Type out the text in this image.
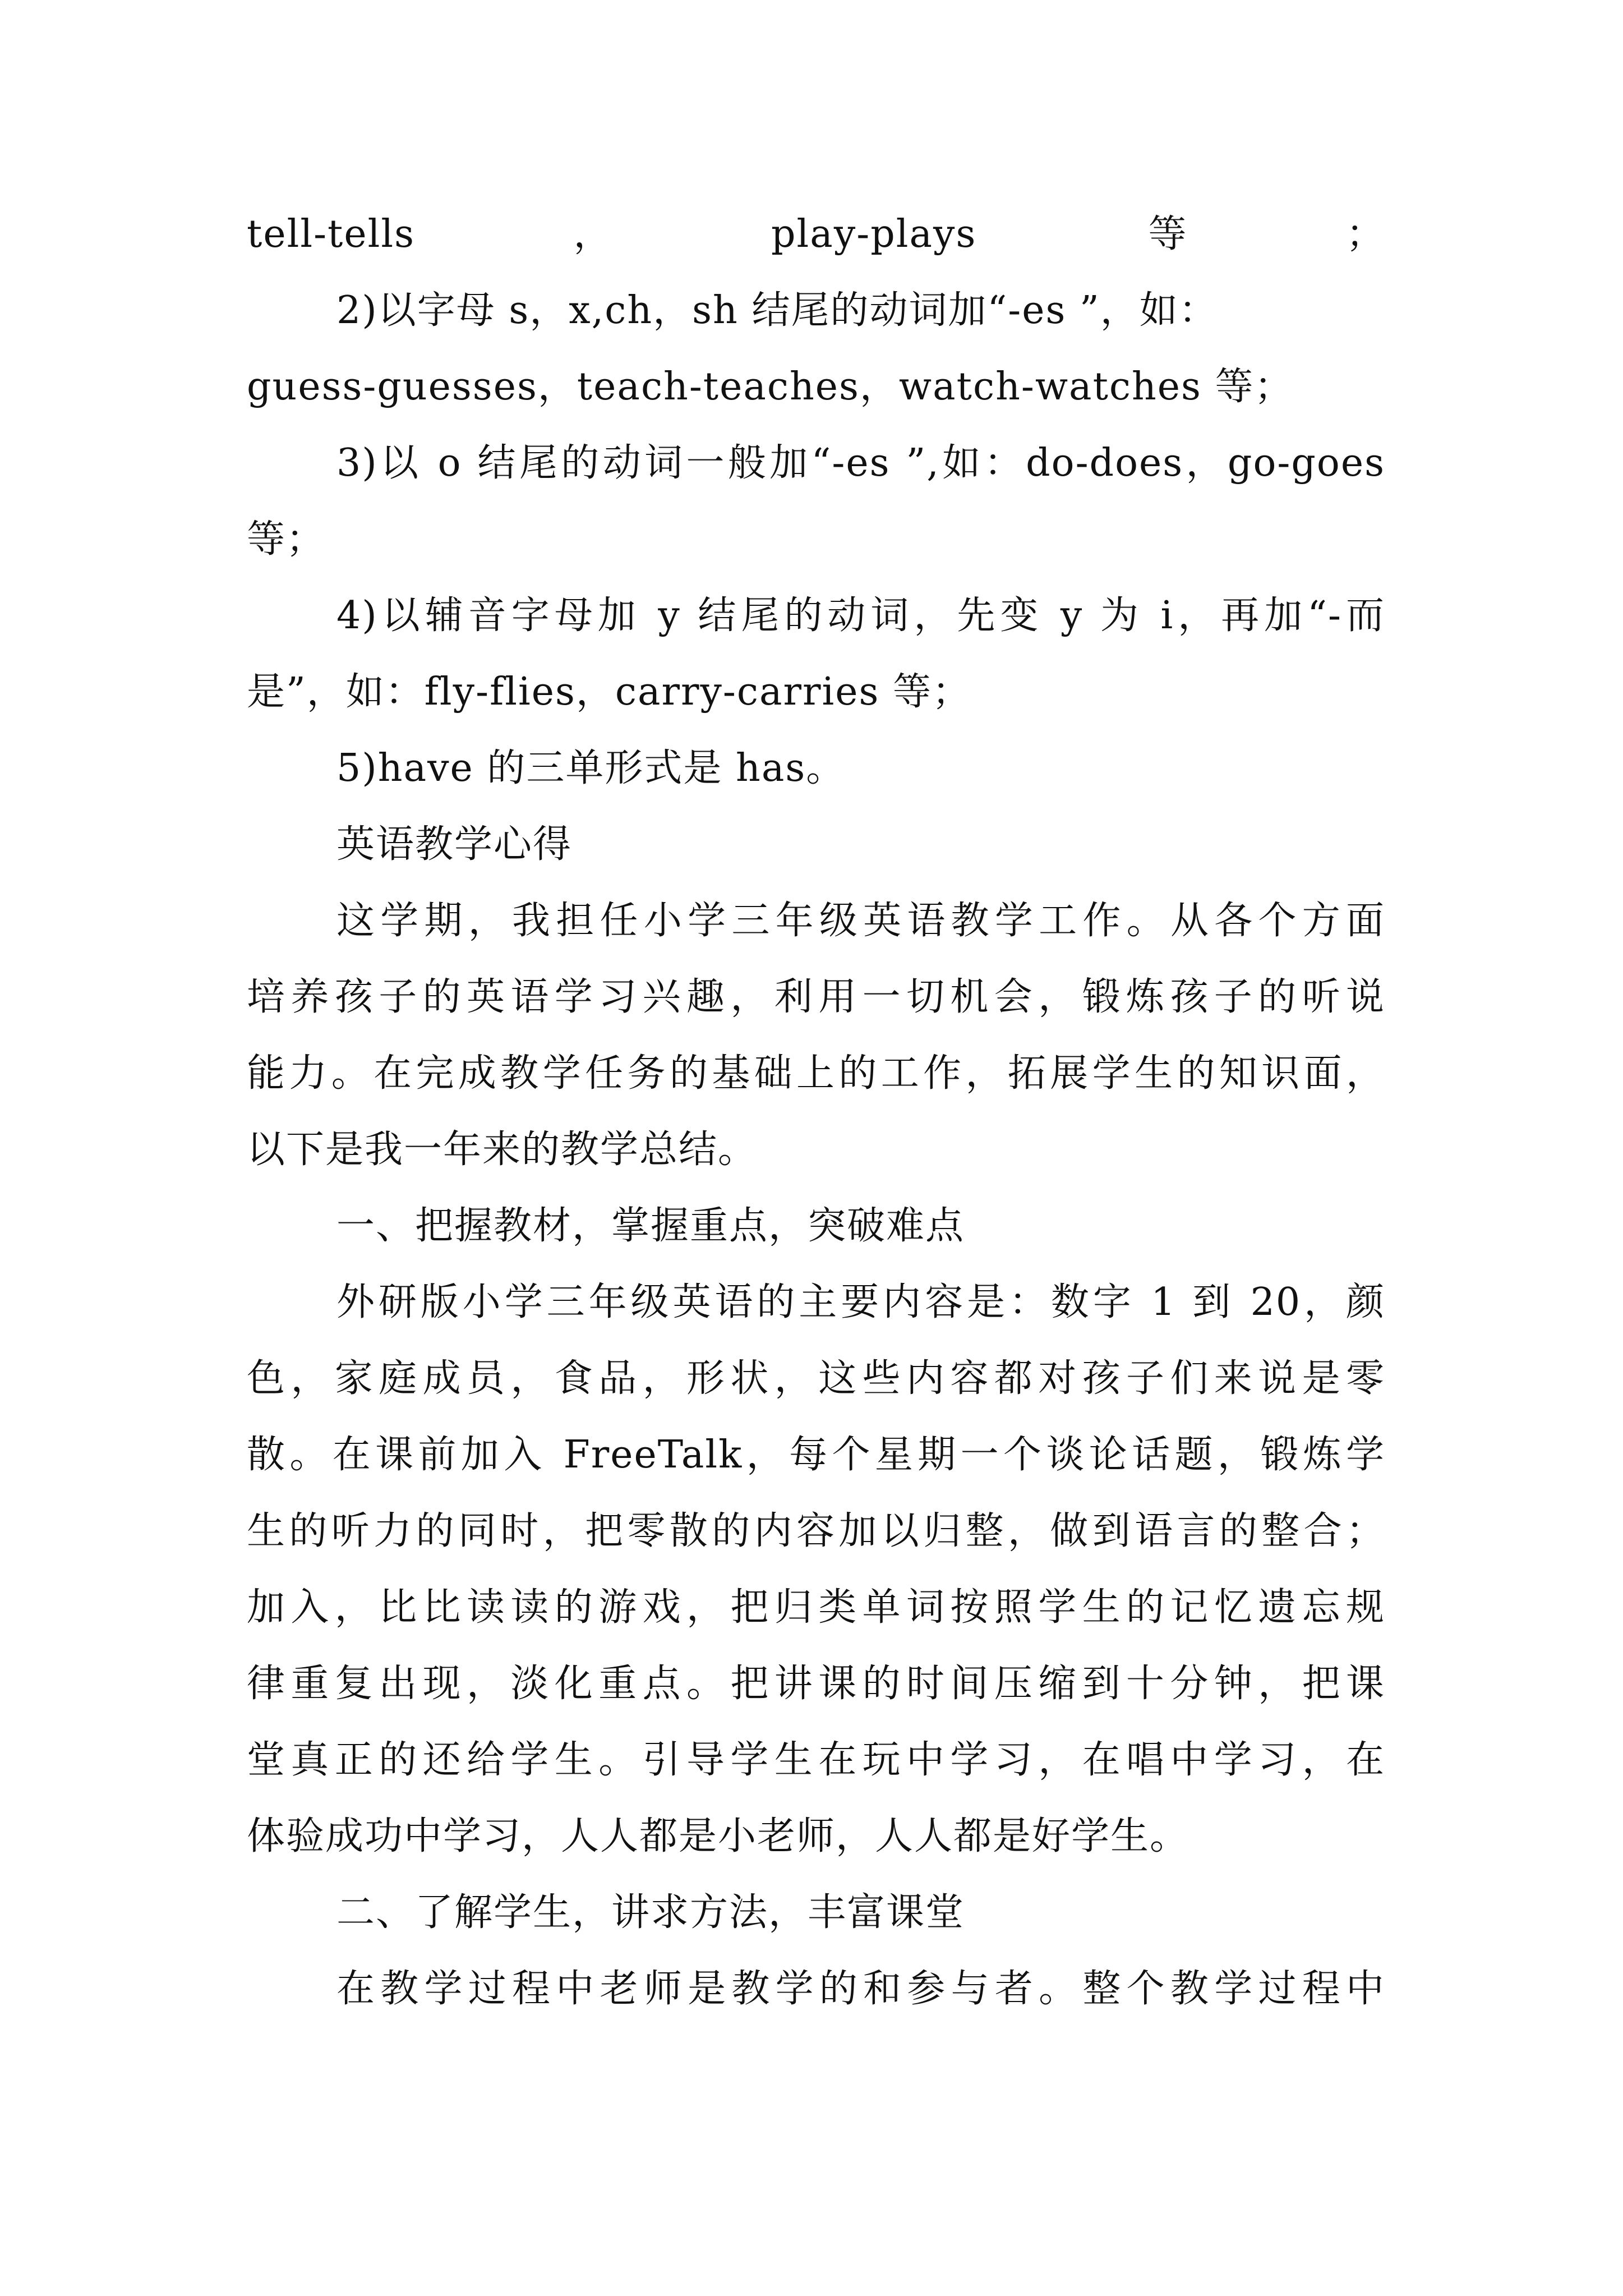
tell-tells，play-plays 等；
2)以字母 s，x,ch，sh 结尾的动词加“-es ”，如：
guess-guesses，teach-teaches，watch-watches 等；
3)以 o 结尾的动词一般加“-es ”,如：do-does，go-goes
等；
4)以辅音字母加 y 结尾的动词，先变 y 为 i，再加“-而
是”，如：fly-flies，carry-carries 等；
5)have 的三单形式是 has。
英语教学心得
这学期，我担任小学三年级英语教学工作。从各个方面
培养孩子的英语学习兴趣，利用一切机会，锻炼孩子的听说
能力。在完成教学任务的基础上的工作，拓展学生的知识面，
以下是我一年来的教学总结。
一、把握教材，掌握重点，突破难点
外研版小学三年级英语的主要内容是：数字 1 到 20，颜
色，家庭成员，食品，形状，这些内容都对孩子们来说是零
散。在课前加入 FreeTalk，每个星期一个谈论话题，锻炼学
生的听力的同时，把零散的内容加以归整，做到语言的整合；
加入，比比读读的游戏，把归类单词按照学生的记忆遗忘规
律重复出现，淡化重点。把讲课的时间压缩到十分钟，把课
堂真正的还给学生。引导学生在玩中学习，在唱中学习，在
体验成功中学习，人人都是小老师，人人都是好学生。
二、了解学生，讲求方法，丰富课堂
在教学过程中老师是教学的和参与者。整个教学过程中
